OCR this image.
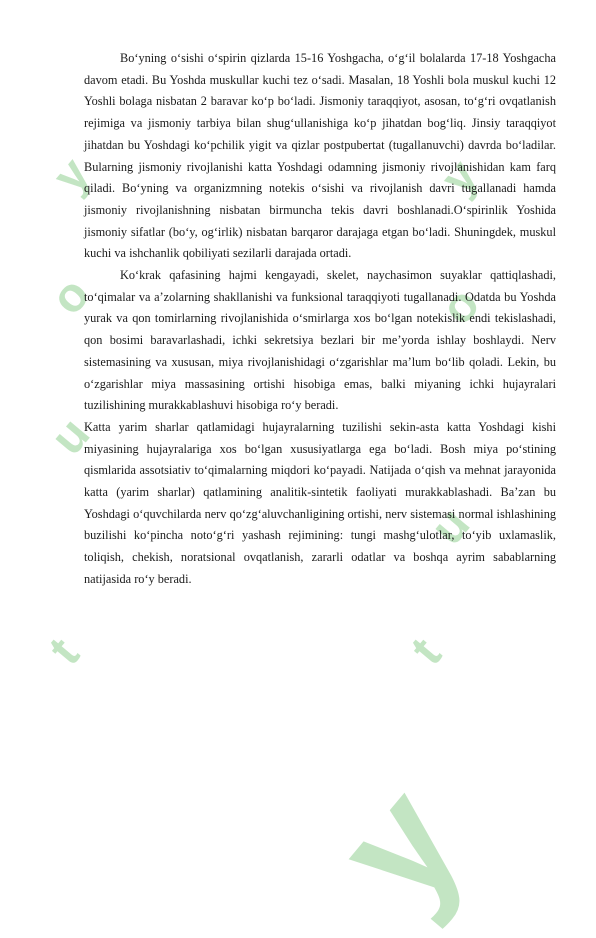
y
o
u
t
y
o
u
t
y

Bo‘yning o‘sishi o‘spirin qizlarda 15-16 Yoshgacha, o‘g‘il bolalarda 17-18 Yoshgacha davom etadi. Bu Yoshda muskullar kuchi tez o‘sadi. Masalan, 18 Yoshli bola muskul kuchi 12 Yoshli bolaga nisbatan 2 baravar ko‘p bo‘ladi. Jismoniy taraqqiyot, asosan, to‘g‘ri ovqatlanish rejimiga va jismoniy tarbiya bilan shug‘ullanishiga ko‘p jihatdan bog‘liq. Jinsiy taraqqiyot jihatdan bu Yoshdagi ko‘pchilik yigit va qizlar postpubertat (tugallanuvchi) davrda bo‘ladilar. Bularning jismoniy rivojlanishi katta Yoshdagi odamning jismoniy rivojlanishidan kam farq qiladi. Bo‘yning va organizmning notekis o‘sishi va rivojlanish davri tugallanadi hamda jismoniy rivojlanishning nisbatan birmuncha tekis davri boshlanadi.O‘spirinlik Yoshida jismoniy sifatlar (bo‘y, og‘irlik) nisbatan barqaror darajaga etgan bo‘ladi. Shuningdek, muskul kuchi va ishchanlik qobiliyati sezilarli darajada ortadi.

Ko‘krak qafasining hajmi kengayadi, skelet, naychasimon suyaklar qattiqlashadi, to‘qimalar va a’zolarning shakllanishi va funksional taraqqiyoti tugallanadi. Odatda bu Yoshda yurak va qon tomirlarning rivojlanishida o‘smirlarga xos bo‘lgan notekislik endi tekislashadi, qon bosimi baravarlashadi, ichki sekretsiya bezlari bir me’yorda ishlay boshlaydi. Nerv sistemasining va xususan, miya rivojlanishidagi o‘zgarishlar ma’lum bo‘lib qoladi. Lekin, bu o‘zgarishlar miya massasining ortishi hisobiga emas, balki miyaning ichki hujayralari tuzilishining murakkablashuvi hisobiga ro‘y beradi.

Katta yarim sharlar qatlamidagi hujayralarning tuzilishi sekin-asta katta Yoshdagi kishi miyasining hujayralariga xos bo‘lgan xususiyatlarga ega bo‘ladi. Bosh miya po‘stining qismlarida assotsiativ to‘qimalarning miqdori ko‘payadi. Natijada o‘qish va mehnat jarayonida katta (yarim sharlar) qatlamining analitik-sintetik faoliyati murakkablashadi. Ba’zan bu Yoshdagi o‘quvchilarda nerv qo‘zg‘aluvchanligining ortishi, nerv sistemasi normal ishlashining buzilishi ko‘pincha noto‘g‘ri yashash rejimining: tungi mashg‘ulotlar, to‘yib uxlamaslik, toliqish, chekish, noratsional ovqatlanish, zararli odatlar va boshqa ayrim sabablarning natijasida ro‘y beradi.
